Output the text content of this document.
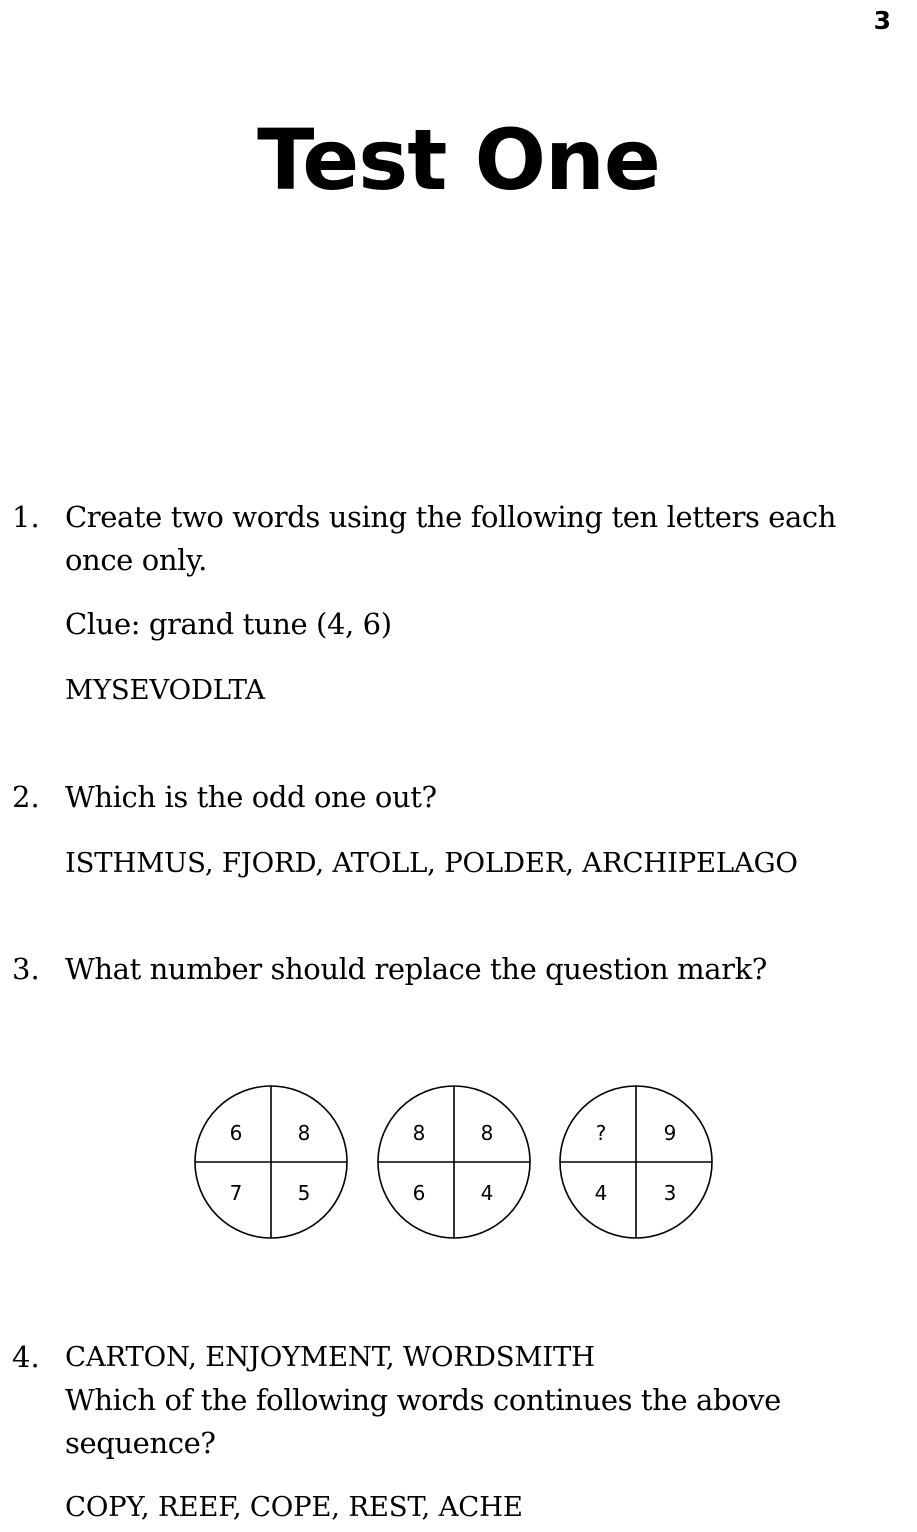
3
Test One
1. Create two words using the following ten letters each once only.
Clue: grand tune (4, 6)
MYSEVODLTA
2. Which is the odd one out?
ISTHMUS, FJORD, ATOLL, POLDER, ARCHIPELAGO
3. What number should replace the question mark?
6	8
7	5
8	8
6	4
?	9
4	3
4. CARTON, ENJOYMENT, WORDSMITH
Which of the following words continues the above sequence?
COPY, REEF, COPE, REST, ACHE
